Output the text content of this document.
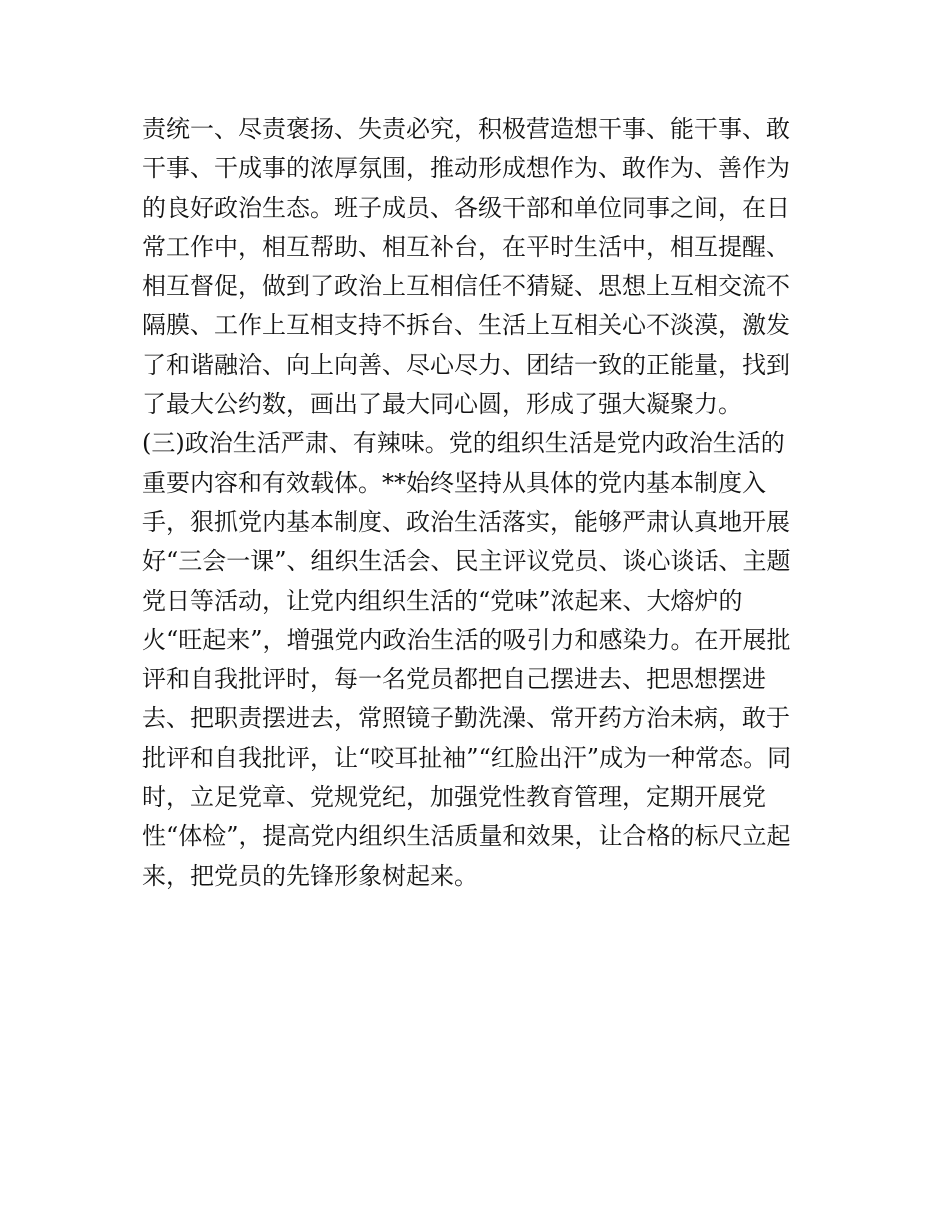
责统一、尽责褒扬、失责必究，积极营造想干事、能干事、敢
干事、干成事的浓厚氛围，推动形成想作为、敢作为、善作为
的良好政治生态。班子成员、各级干部和单位同事之间，在日
常工作中，相互帮助、相互补台，在平时生活中，相互提醒、
相互督促，做到了政治上互相信任不猜疑、思想上互相交流不
隔膜、工作上互相支持不拆台、生活上互相关心不淡漠，激发
了和谐融洽、向上向善、尽心尽力、团结一致的正能量，找到
了最大公约数，画出了最大同心圆，形成了强大凝聚力。
(三)政治生活严肃、有辣味。党的组织生活是党内政治生活的
重要内容和有效载体。**始终坚持从具体的党内基本制度入
手，狠抓党内基本制度、政治生活落实，能够严肃认真地开展
好“三会一课”、组织生活会、民主评议党员、谈心谈话、主题
党日等活动，让党内组织生活的“党味”浓起来、大熔炉的
火“旺起来”，增强党内政治生活的吸引力和感染力。在开展批
评和自我批评时，每一名党员都把自己摆进去、把思想摆进
去、把职责摆进去，常照镜子勤洗澡、常开药方治未病，敢于
批评和自我批评，让“咬耳扯袖”“红脸出汗”成为一种常态。同
时，立足党章、党规党纪，加强党性教育管理，定期开展党
性“体检”，提高党内组织生活质量和效果，让合格的标尺立起
来，把党员的先锋形象树起来。
